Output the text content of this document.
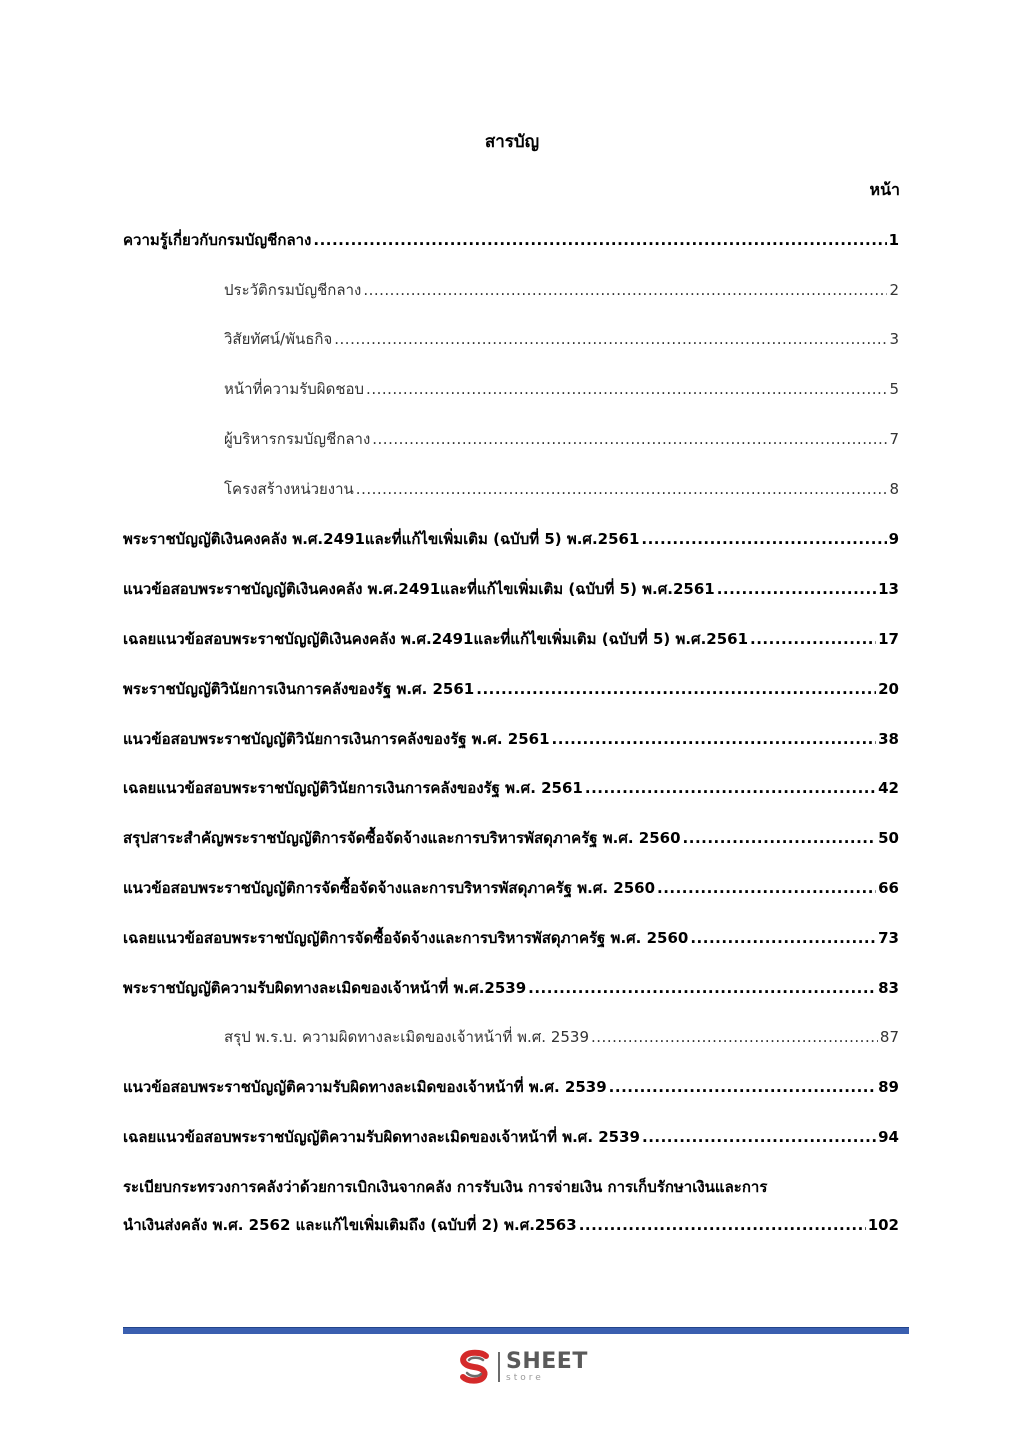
สารบัญ
หน้า
ความรู้เกี่ยวกับกรมบัญชีกลาง .....	1
ประวัติกรมบัญชีกลาง .....	2
วิสัยทัศน์/พันธกิจ .....	3
หน้าที่ความรับผิดชอบ .....	5
ผู้บริหารกรมบัญชีกลาง .....	7
โครงสร้างหน่วยงาน .....	8
พระราชบัญญัติเงินคงคลัง พ.ศ.2491และที่แก้ไขเพิ่มเติม (ฉบับที่ 5) พ.ศ.2561 .....	9
แนวข้อสอบพระราชบัญญัติเงินคงคลัง พ.ศ.2491และที่แก้ไขเพิ่มเติม (ฉบับที่ 5) พ.ศ.2561 .....	13
เฉลยแนวข้อสอบพระราชบัญญัติเงินคงคลัง พ.ศ.2491และที่แก้ไขเพิ่มเติม (ฉบับที่ 5) พ.ศ.2561 .....	17
พระราชบัญญัติวินัยการเงินการคลังของรัฐ พ.ศ. 2561 .....	20
แนวข้อสอบพระราชบัญญัติวินัยการเงินการคลังของรัฐ พ.ศ. 2561 .....	38
เฉลยแนวข้อสอบพระราชบัญญัติวินัยการเงินการคลังของรัฐ พ.ศ. 2561 .....	42
สรุปสาระสำคัญพระราชบัญญัติการจัดซื้อจัดจ้างและการบริหารพัสดุภาครัฐ พ.ศ. 2560 .....	50
แนวข้อสอบพระราชบัญญัติการจัดซื้อจัดจ้างและการบริหารพัสดุภาครัฐ พ.ศ. 2560 .....	66
เฉลยแนวข้อสอบพระราชบัญญัติการจัดซื้อจัดจ้างและการบริหารพัสดุภาครัฐ พ.ศ. 2560 .....	73
พระราชบัญญัติความรับผิดทางละเมิดของเจ้าหน้าที่ พ.ศ.2539 .....	83
สรุป พ.ร.บ. ความผิดทางละเมิดของเจ้าหน้าที่ พ.ศ. 2539 .....	87
แนวข้อสอบพระราชบัญญัติความรับผิดทางละเมิดของเจ้าหน้าที่ พ.ศ. 2539 .....	89
เฉลยแนวข้อสอบพระราชบัญญัติความรับผิดทางละเมิดของเจ้าหน้าที่ พ.ศ. 2539 .....	94
ระเบียบกระทรวงการคลังว่าด้วยการเบิกเงินจากคลัง การรับเงิน การจ่ายเงิน การเก็บรักษาเงินและการ
นำเงินส่งคลัง พ.ศ. 2562 และแก้ไขเพิ่มเติมถึง (ฉบับที่ 2) พ.ศ.2563 .....	102
SHEET
store
